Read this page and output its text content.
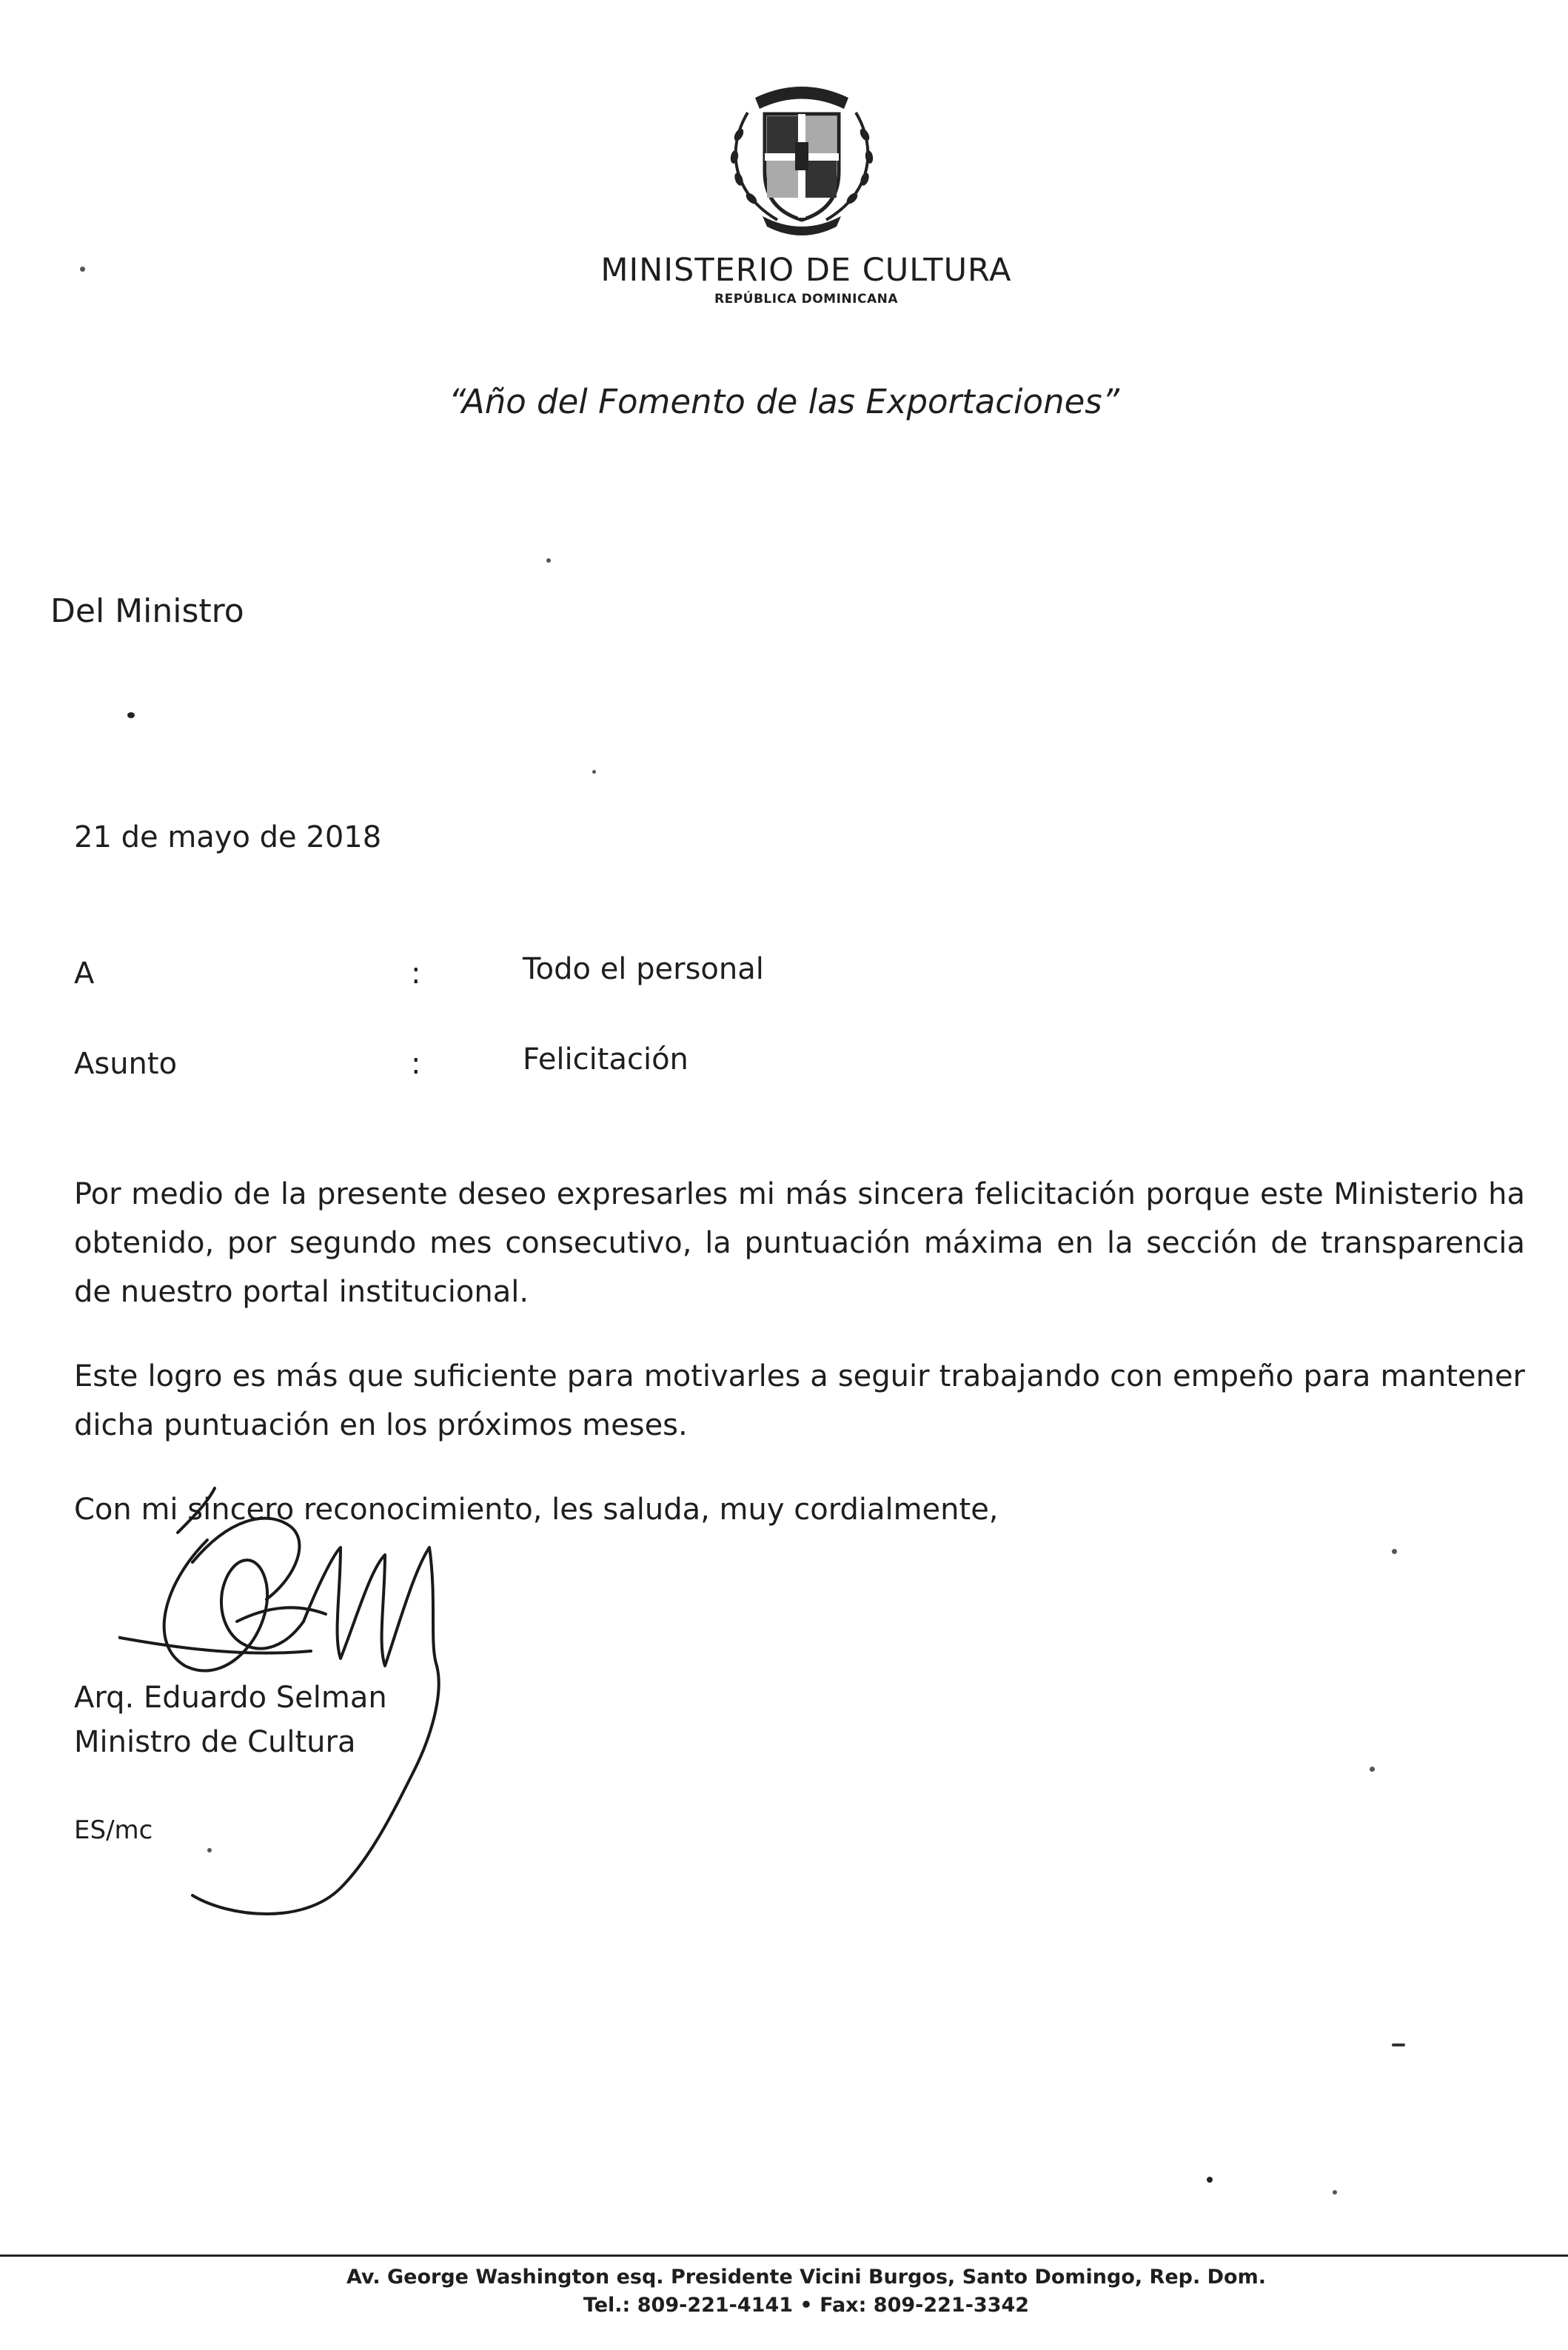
MINISTERIO DE CULTURA
REPÚBLICA DOMINICANA
“Año del Fomento de las Exportaciones”
Del Ministro
21 de mayo de 2018
A	:	Todo el personal
Asunto	:	Felicitación
Por medio de la presente deseo expresarles mi más sincera felicitación porque este Ministerio ha obtenido, por segundo mes consecutivo, la puntuación máxima en la sección de transparencia de nuestro portal institucional.
Este logro es más que suficiente para motivarles a seguir trabajando con empeño para mantener dicha puntuación en los próximos meses.
Con mi sincero reconocimiento, les saluda, muy cordialmente,
Arq. Eduardo Selman
Ministro de Cultura
ES/mc
Av. George Washington esq. Presidente Vicini Burgos, Santo Domingo, Rep. Dom.
Tel.: 809-221-4141 • Fax: 809-221-3342
